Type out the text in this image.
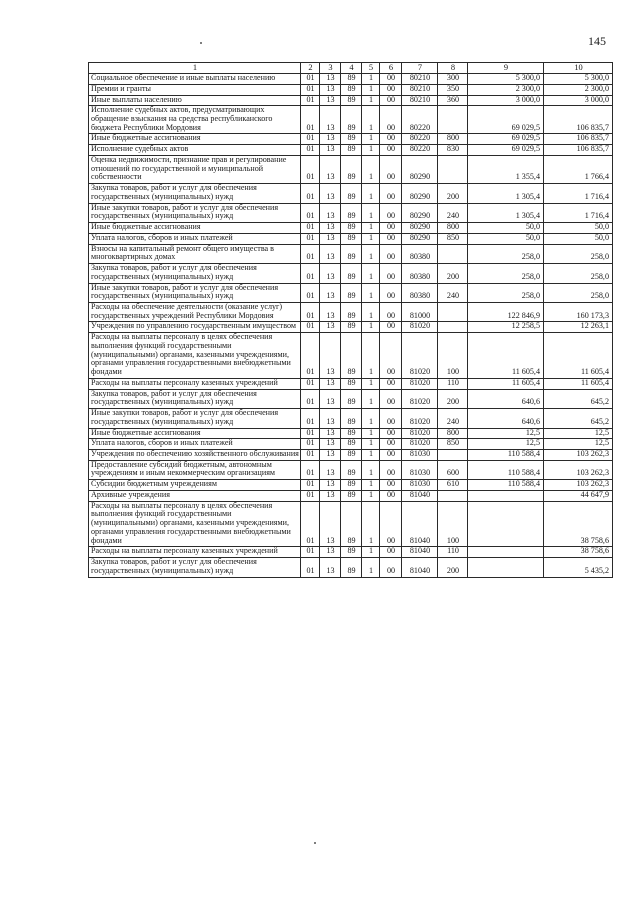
145
1	2	3	4	5	6	7	8	9	10
Социальное обеспечение и иные выплаты населению	01	13	89	1	00	80210	300	5 300,0	5 300,0
Премии и гранты	01	13	89	1	00	80210	350	2 300,0	2 300,0
Иные выплаты населению	01	13	89	1	00	80210	360	3 000,0	3 000,0
Исполнение судебных актов, предусматривающих обращение взыскания на средства республиканского бюджета Республики Мордовия	01	13	89	1	00	80220		69 029,5	106 835,7
Иные бюджетные ассигнования	01	13	89	1	00	80220	800	69 029,5	106 835,7
Исполнение судебных актов	01	13	89	1	00	80220	830	69 029,5	106 835,7
Оценка недвижимости, признание прав и регулирование отношений по государственной и муниципальной собственности	01	13	89	1	00	80290		1 355,4	1 766,4
Закупка товаров, работ и услуг для обеспечения государственных (муниципальных) нужд	01	13	89	1	00	80290	200	1 305,4	1 716,4
Иные закупки товаров, работ и услуг для обеспечения государственных (муниципальных) нужд	01	13	89	1	00	80290	240	1 305,4	1 716,4
Иные бюджетные ассигнования	01	13	89	1	00	80290	800	50,0	50,0
Уплата налогов, сборов и иных платежей	01	13	89	1	00	80290	850	50,0	50,0
Взносы на капитальный ремонт общего имущества в многоквартирных домах	01	13	89	1	00	80380		258,0	258,0
Закупка товаров, работ и услуг для обеспечения государственных (муниципальных) нужд	01	13	89	1	00	80380	200	258,0	258,0
Иные закупки товаров, работ и услуг для обеспечения государственных (муниципальных) нужд	01	13	89	1	00	80380	240	258,0	258,0
Расходы на обеспечение деятельности (оказание услуг) государственных учреждений Республики Мордовия	01	13	89	1	00	81000		122 846,9	160 173,3
Учреждения по управлению государственным имуществом	01	13	89	1	00	81020		12 258,5	12 263,1
Расходы на выплаты персоналу в целях обеспечения выполнения функций государственными (муниципальными) органами, казенными учреждениями, органами управления государственными внебюджетными фондами	01	13	89	1	00	81020	100	11 605,4	11 605,4
Расходы на выплаты персоналу казенных учреждений	01	13	89	1	00	81020	110	11 605,4	11 605,4
Закупка товаров, работ и услуг для обеспечения государственных (муниципальных) нужд	01	13	89	1	00	81020	200	640,6	645,2
Иные закупки товаров, работ и услуг для обеспечения государственных (муниципальных) нужд	01	13	89	1	00	81020	240	640,6	645,2
Иные бюджетные ассигнования	01	13	89	1	00	81020	800	12,5	12,5
Уплата налогов, сборов и иных платежей	01	13	89	1	00	81020	850	12,5	12,5
Учреждения по обеспечению хозяйственного обслуживания	01	13	89	1	00	81030		110 588,4	103 262,3
Предоставление субсидий бюджетным, автономным учреждениям и иным некоммерческим организациям	01	13	89	1	00	81030	600	110 588,4	103 262,3
Субсидии бюджетным учреждениям	01	13	89	1	00	81030	610	110 588,4	103 262,3
Архивные учреждения	01	13	89	1	00	81040			44 647,9
Расходы на выплаты персоналу в целях обеспечения выполнения функций государственными (муниципальными) органами, казенными учреждениями, органами управления государственными внебюджетными фондами	01	13	89	1	00	81040	100		38 758,6
Расходы на выплаты персоналу казенных учреждений	01	13	89	1	00	81040	110		38 758,6
Закупка товаров, работ и услуг для обеспечения государственных (муниципальных) нужд	01	13	89	1	00	81040	200		5 435,2
